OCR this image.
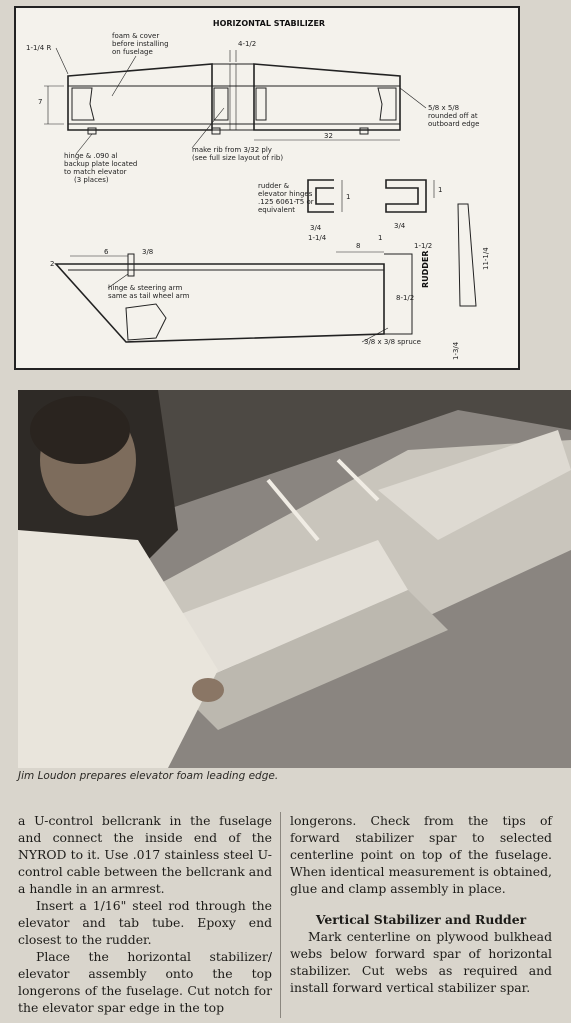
HORIZONTAL STABILIZER
1-1/4 R
foam & cover
before installing
on fuselage
4-1/2
7
32
5/8 x 5/8
rounded off at
outboard edge
make rib from 3/32 ply
(see full size layout of rib)
hinge & .090 al
backup plate located
to match elevator
(3 places)
rudder &
elevator hinges
.125 6061-T5 or
equivalent
1
3/4
1-1/4
1
3/4
1
6	3/8
2
hinge & steering arm
same as tail wheel arm
8	1-1/2
8-1/2
RUDDER	11-1/4
1-3/4
3/8 x 3/8 spruce
Jim Loudon prepares elevator foam leading edge.

a U-control bellcrank in the fuselage and connect the inside end of the NYROD to it. Use .017 stainless steel U-control cable between the bellcrank and a handle in an armrest.

Insert a 1/16" steel rod through the elevator and tab tube. Epoxy end closest to the rudder.

Place the horizontal stabilizer/ elevator assembly onto the top longerons of the fuselage. Cut notch for the elevator spar edge in the top

longerons. Check from the tips of forward stabilizer spar to selected centerline point on top of the fuselage. When identical measurement is obtained, glue and clamp assembly in place.

Vertical Stabilizer and Rudder

Mark centerline on plywood bulkhead webs below forward spar of horizontal stabilizer. Cut webs as required and install forward vertical stabilizer spar.
